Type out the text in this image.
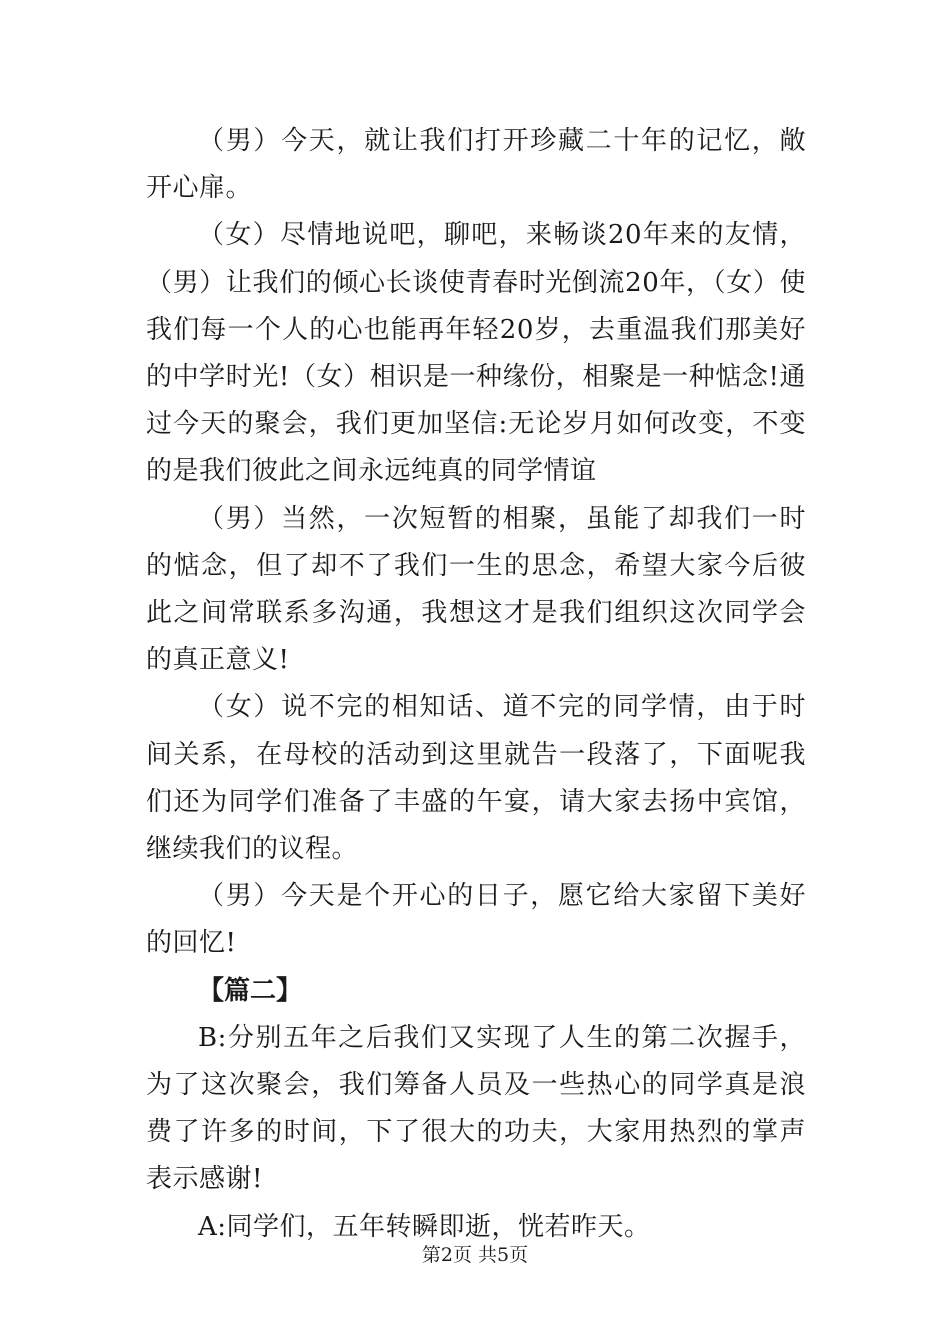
（男）今天，就让我们打开珍藏二十年的记忆，敞开心扉。

（女）尽情地说吧，聊吧，来畅谈20年来的友情，（男）让我们的倾心长谈使青春时光倒流20年，（女）使我们每一个人的心也能再年轻20岁，去重温我们那美好的中学时光!（女）相识是一种缘份，相聚是一种惦念!通过今天的聚会，我们更加坚信:无论岁月如何改变，不变的是我们彼此之间永远纯真的同学情谊

（男）当然，一次短暂的相聚，虽能了却我们一时的惦念，但了却不了我们一生的思念，希望大家今后彼此之间常联系多沟通，我想这才是我们组织这次同学会的真正意义!

（女）说不完的相知话、道不完的同学情，由于时间关系，在母校的活动到这里就告一段落了，下面呢我们还为同学们准备了丰盛的午宴，请大家去扬中宾馆，继续我们的议程。

（男）今天是个开心的日子，愿它给大家留下美好的回忆!

【篇二】

B:分别五年之后我们又实现了人生的第二次握手，为了这次聚会，我们筹备人员及一些热心的同学真是浪费了许多的时间，下了很大的功夫，大家用热烈的掌声表示感谢!

A:同学们，五年转瞬即逝，恍若昨天。

第2页 共5页
